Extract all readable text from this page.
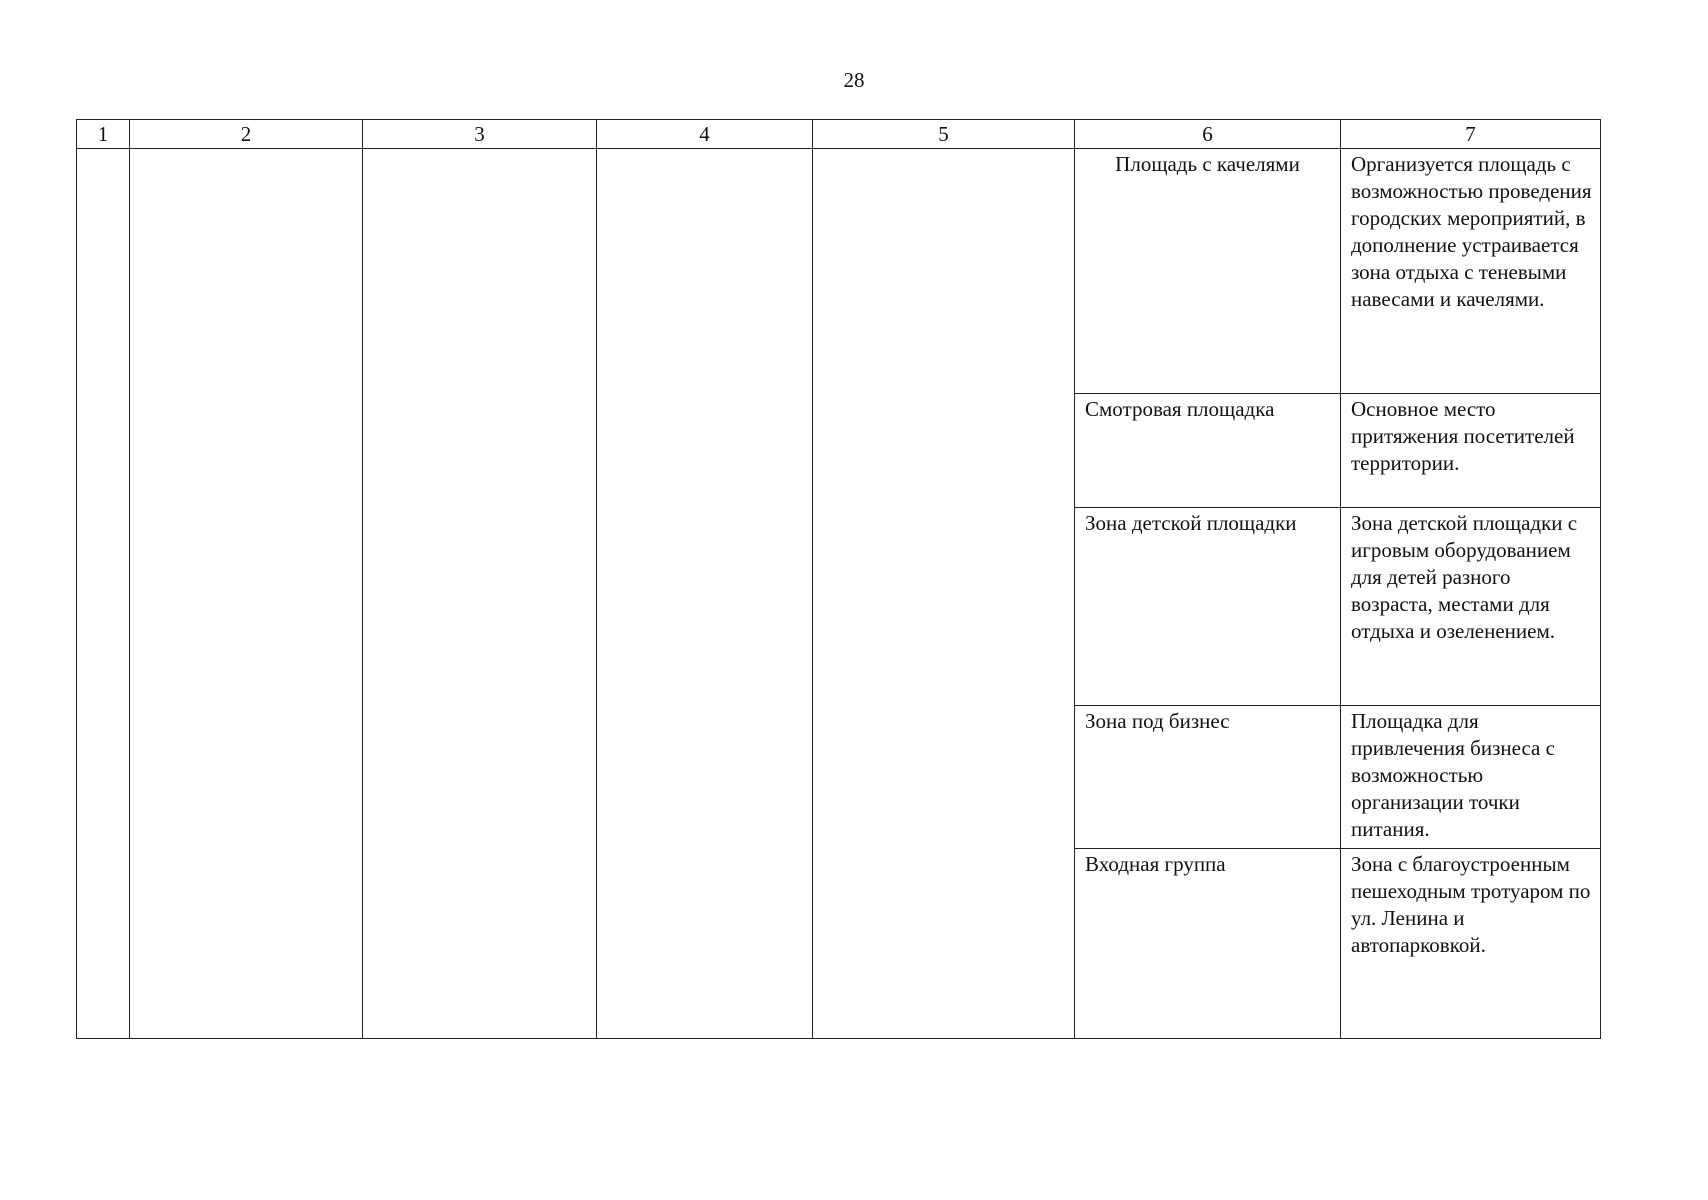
28
1	2	3	4	5	6	7
					Площадь с качелями	Организуется площадь с возможностью проведения городских мероприятий, в дополнение устраивается зона отдыха с теневыми навесами и качелями.
					Смотровая площадка	Основное место притяжения посетителей территории.
					Зона детской площадки	Зона детской площадки с игровым оборудованием для детей разного возраста, местами для отдыха и озеленением.
					Зона под бизнес	Площадка для привлечения бизнеса с возможностью организации точки питания.
					Входная группа	Зона с благоустроенным пешеходным тротуаром по ул. Ленина и автопарковкой.
